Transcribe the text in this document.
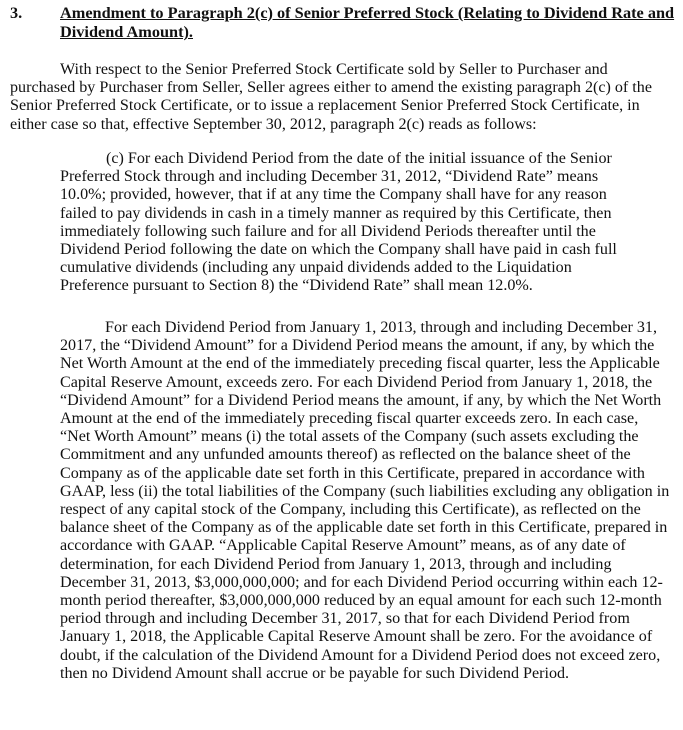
3. Amendment to Paragraph 2(c) of Senior Preferred Stock (Relating to Dividend Rate and Dividend Amount).

With respect to the Senior Preferred Stock Certificate sold by Seller to Purchaser and purchased by Purchaser from Seller, Seller agrees either to amend the existing paragraph 2(c) of the Senior Preferred Stock Certificate, or to issue a replacement Senior Preferred Stock Certificate, in either case so that, effective September 30, 2012, paragraph 2(c) reads as follows:

(c) For each Dividend Period from the date of the initial issuance of the Senior Preferred Stock through and including December 31, 2012, “Dividend Rate” means 10.0%; provided, however, that if at any time the Company shall have for any reason failed to pay dividends in cash in a timely manner as required by this Certificate, then immediately following such failure and for all Dividend Periods thereafter until the Dividend Period following the date on which the Company shall have paid in cash full cumulative dividends (including any unpaid dividends added to the Liquidation Preference pursuant to Section 8) the “Dividend Rate” shall mean 12.0%.

For each Dividend Period from January 1, 2013, through and including December 31, 2017, the “Dividend Amount” for a Dividend Period means the amount, if any, by which the Net Worth Amount at the end of the immediately preceding fiscal quarter, less the Applicable Capital Reserve Amount, exceeds zero. For each Dividend Period from January 1, 2018, the “Dividend Amount” for a Dividend Period means the amount, if any, by which the Net Worth Amount at the end of the immediately preceding fiscal quarter exceeds zero. In each case, “Net Worth Amount” means (i) the total assets of the Company (such assets excluding the Commitment and any unfunded amounts thereof) as reflected on the balance sheet of the Company as of the applicable date set forth in this Certificate, prepared in accordance with GAAP, less (ii) the total liabilities of the Company (such liabilities excluding any obligation in respect of any capital stock of the Company, including this Certificate), as reflected on the balance sheet of the Company as of the applicable date set forth in this Certificate, prepared in accordance with GAAP. “Applicable Capital Reserve Amount” means, as of any date of determination, for each Dividend Period from January 1, 2013, through and including December 31, 2013, $3,000,000,000; and for each Dividend Period occurring within each 12-month period thereafter, $3,000,000,000 reduced by an equal amount for each such 12-month period through and including December 31, 2017, so that for each Dividend Period from January 1, 2018, the Applicable Capital Reserve Amount shall be zero. For the avoidance of doubt, if the calculation of the Dividend Amount for a Dividend Period does not exceed zero, then no Dividend Amount shall accrue or be payable for such Dividend Period.
